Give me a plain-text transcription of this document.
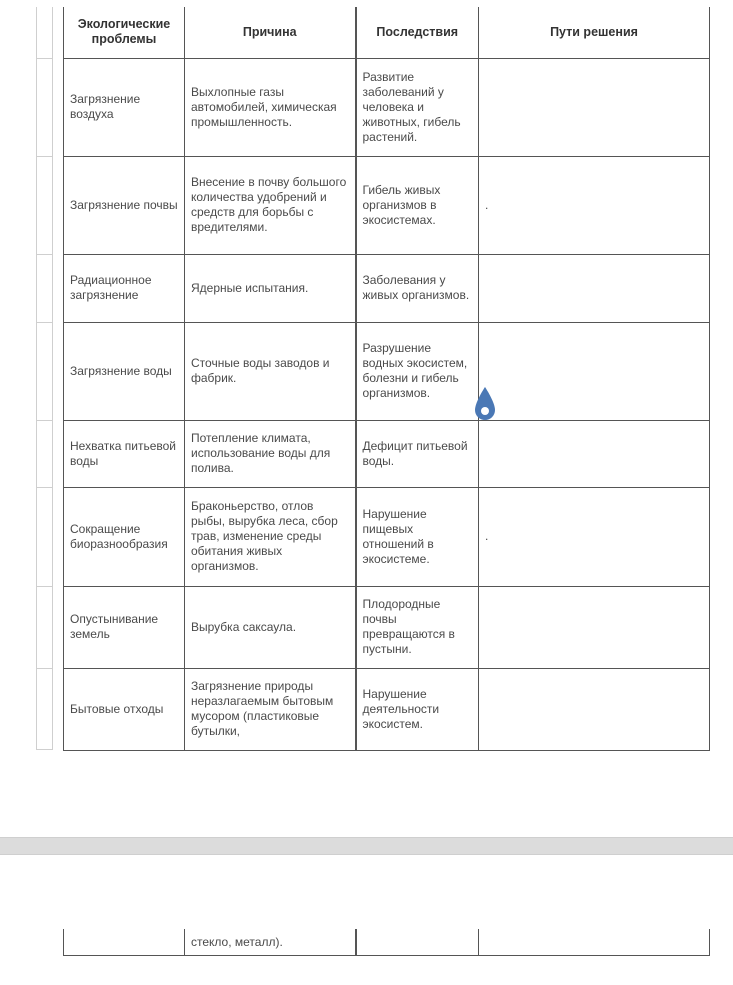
Экологические проблемы	Причина	Последствия	Пути решения
Загрязнение воздуха	Выхлопные газы автомобилей, химическая промышленность.	Развитие заболеваний у человека и животных, гибель растений.	
Загрязнение почвы	Внесение в почву большого количества удобрений и средств для борьбы с вредителями.	Гибель живых организмов в экосистемах.	.
Радиационное загрязнение	Ядерные испытания.	Заболевания у живых организмов.	
Загрязнение воды	Сточные воды заводов и фабрик.	Разрушение водных экосистем, болезни и гибель организмов.	
Нехватка питьевой воды	Потепление климата, использование воды для полива.	Дефицит питьевой воды.	
Сокращение биоразнообразия	Браконьерство, отлов рыбы, вырубка леса, сбор трав, изменение среды обитания живых организмов.	Нарушение пищевых отношений в экосистеме.	.
Опустынивание земель	Вырубка саксаула.	Плодородные почвы превращаются в пустыни.	
Бытовые отходы	Загрязнение природы неразлагаемым бытовым мусором (пластиковые бутылки,	Нарушение деятельности экосистем.	
	стекло, металл).		
